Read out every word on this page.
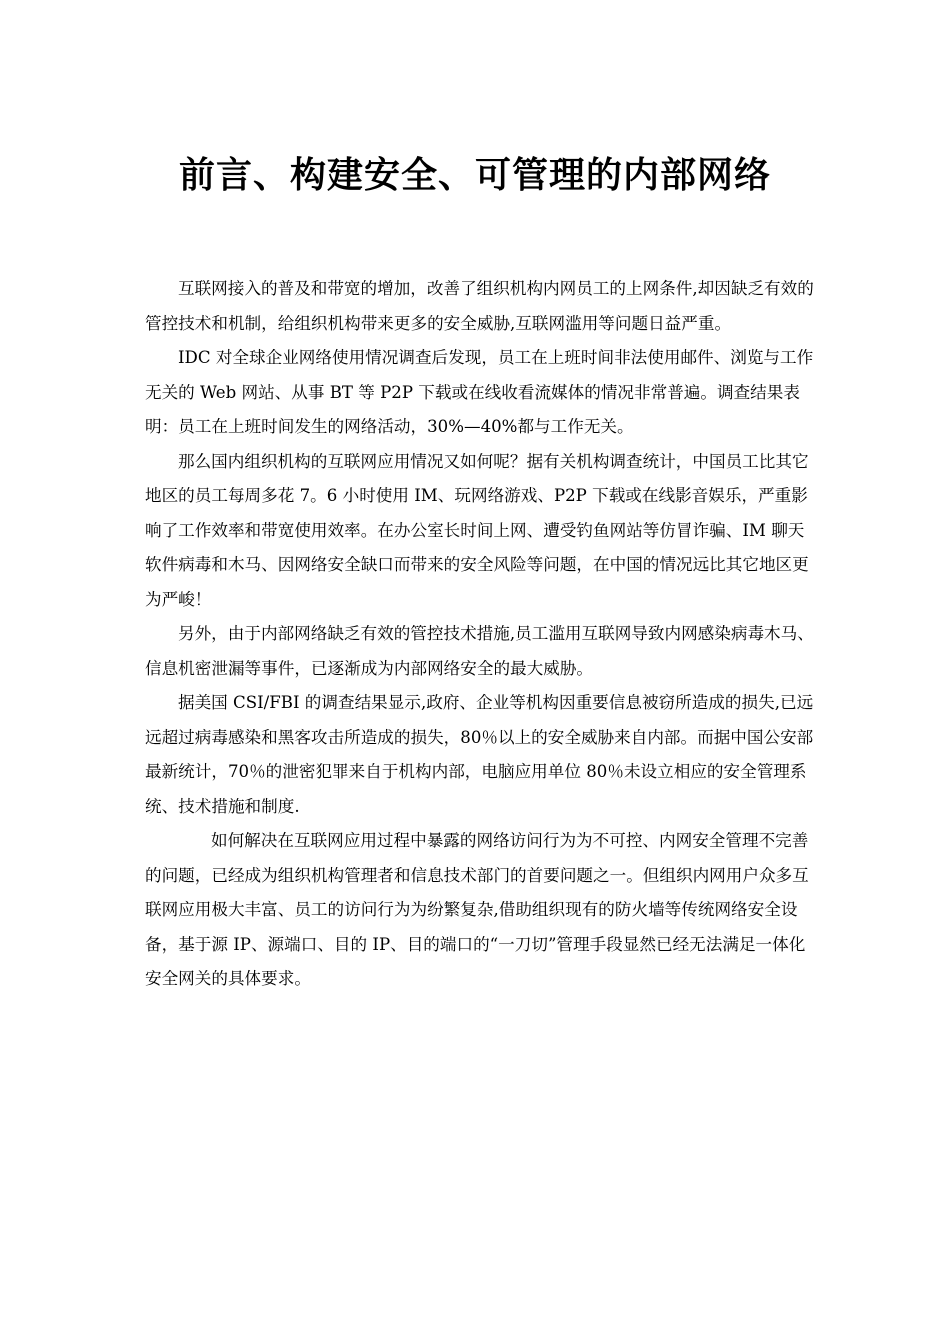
前言、构建安全、可管理的内部网络

互联网接入的普及和带宽的增加，改善了组织机构内网员工的上网条件,却因缺乏有效的管控技术和机制，给组织机构带来更多的安全威胁,互联网滥用等问题日益严重。

IDC 对全球企业网络使用情况调查后发现，员工在上班时间非法使用邮件、浏览与工作无关的 Web 网站、从事 BT 等 P2P 下载或在线收看流媒体的情况非常普遍。调查结果表明：员工在上班时间发生的网络活动，30%—40%都与工作无关。

那么国内组织机构的互联网应用情况又如何呢？据有关机构调查统计，中国员工比其它地区的员工每周多花 7。6 小时使用 IM、玩网络游戏、P2P 下载或在线影音娱乐，严重影响了工作效率和带宽使用效率。在办公室长时间上网、遭受钓鱼网站等仿冒诈骗、IM 聊天软件病毒和木马、因网络安全缺口而带来的安全风险等问题，在中国的情况远比其它地区更为严峻！

另外，由于内部网络缺乏有效的管控技术措施,员工滥用互联网导致内网感染病毒木马、信息机密泄漏等事件，已逐渐成为内部网络安全的最大威胁。

据美国 CSI/FBI 的调查结果显示,政府、企业等机构因重要信息被窃所造成的损失,已远远超过病毒感染和黑客攻击所造成的损失，80％以上的安全威胁来自内部。而据中国公安部最新统计，70％的泄密犯罪来自于机构内部，电脑应用单位 80％未设立相应的安全管理系统、技术措施和制度.

如何解决在互联网应用过程中暴露的网络访问行为为不可控、内网安全管理不完善的问题，已经成为组织机构管理者和信息技术部门的首要问题之一。但组织内网用户众多互联网应用极大丰富、员工的访问行为为纷繁复杂,借助组织现有的防火墙等传统网络安全设备，基于源 IP、源端口、目的 IP、目的端口的“一刀切”管理手段显然已经无法满足一体化安全网关的具体要求。
